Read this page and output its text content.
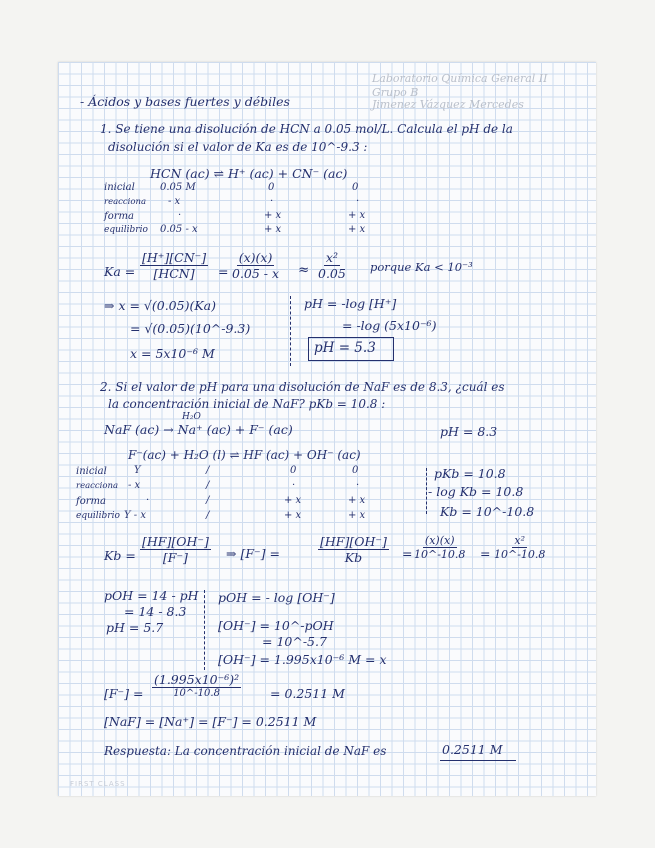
Laboratorio Química General II
Grupo B
Jimenez Vázquez Mercedes
- Ácidos y bases fuertes y débiles
1. Se tiene una disolución de HCN a 0.05 mol/L. Calcula el pH de la
disolución si el valor de Ka es de 10^-9.3 :
HCN (ac) ⇌ H⁺ (ac) + CN⁻ (ac)
inicial	0.05 M	0	0
reacciona - x	·	·
forma	·	+ x	+ x
equilibrio 0.05 - x	+ x	+ x
Ka =
[H⁺][CN⁻]
$[HCN] = \frac{(x)(x)}{0.05 - x} \approx \frac{\text{x²}}{0.05}$ porque Ka < 10⁻³
⇒ x = √(0.05)(Ka)
= √(0.05)(10^-9.3)
x = 5x10⁻⁶ M
pH = -log [H⁺]
= -log (5x10⁻⁶)
pH = 5.3
2. Si el valor de pH para una disolución de NaF es de 8.3, ¿cuál es
la concentración inicial de NaF? pKb = 10.8 :
H₂O
NaF (ac) → Na⁺ (ac) + F⁻ (ac)	pH = 8.3
F⁻(ac) + H₂O (l) ⇌ HF (ac) + OH⁻ (ac)
inicial	Y	/	0	0
reacciona - x	/	·	·
forma	·	/	+ x	+ x
equilibrio Y - x	/	+ x	+ x
pKb = 10.8
- log Kb = 10.8
Kb = 10^-10.8
$Kb = \frac{[HF][OH^-]}{[F^-]}$ ⇒ [F⁻] =	$\frac{[HF][OH^-]}{Kb} = \frac{(x)(x)}{10\^{}-10.8} = \frac{\text{x²}}{10\^{}-10.8}$
pOH = 14 - pH
= 14 - 8.3
pH = 5.7
pOH = - log [OH⁻]
[OH⁻] = 10^-pOH
= 10^-5.7
[OH⁻] = 1.995x10⁻⁶ M = x
[F⁻] =
(1.995x10⁻⁶)²
10^-10.8	= 0.2511 M
[NaF] = [Na⁺] = [F⁻] = 0.2511 M
Respuesta: La concentración inicial de NaF es	0.2511 M
FIRST CLASS
